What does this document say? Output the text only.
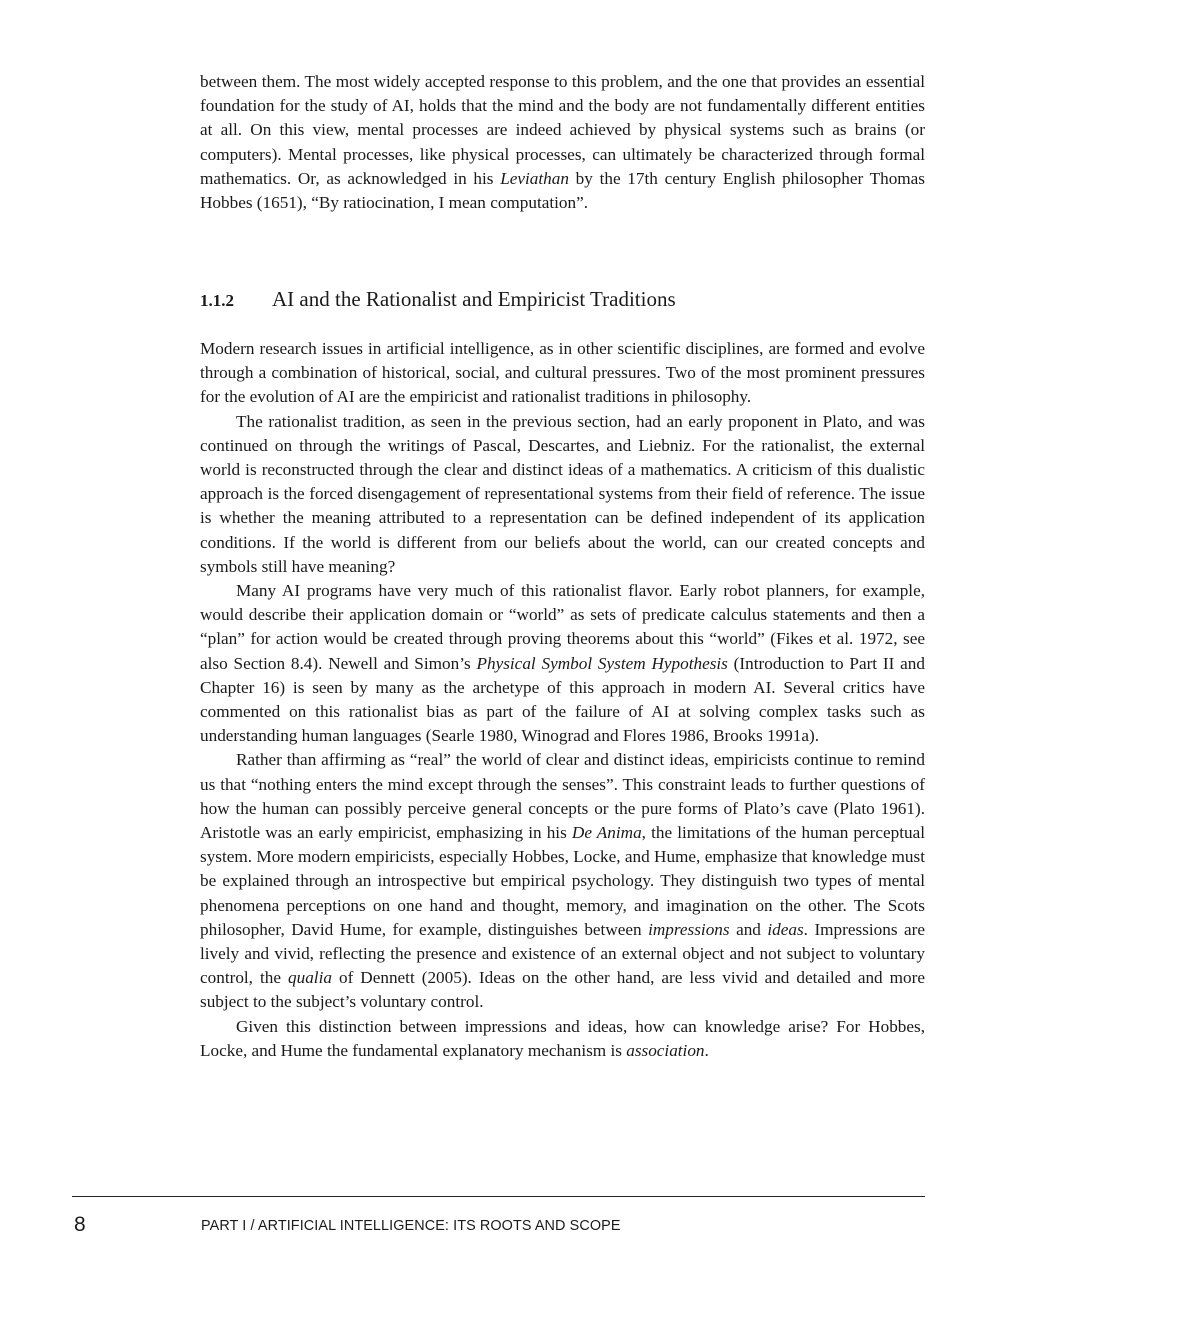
between them. The most widely accepted response to this problem, and the one that provides an essential foundation for the study of AI, holds that the mind and the body are not fundamentally different entities at all. On this view, mental processes are indeed achieved by physical systems such as brains (or computers). Mental processes, like physical processes, can ultimately be characterized through formal mathematics. Or, as acknowledged in his Leviathan by the 17th century English philosopher Thomas Hobbes (1651), “By ratiocination, I mean computation”.

1.1.2 AI and the Rationalist and Empiricist Traditions

Modern research issues in artificial intelligence, as in other scientific disciplines, are formed and evolve through a combination of historical, social, and cultural pressures. Two of the most prominent pressures for the evolution of AI are the empiricist and rationalist traditions in philosophy.

The rationalist tradition, as seen in the previous section, had an early proponent in Plato, and was continued on through the writings of Pascal, Descartes, and Liebniz. For the rationalist, the external world is reconstructed through the clear and distinct ideas of a mathematics. A criticism of this dualistic approach is the forced disengagement of representational systems from their field of reference. The issue is whether the meaning attributed to a representation can be defined independent of its application conditions. If the world is different from our beliefs about the world, can our created concepts and symbols still have meaning?

Many AI programs have very much of this rationalist flavor. Early robot planners, for example, would describe their application domain or “world” as sets of predicate calculus statements and then a “plan” for action would be created through proving theorems about this “world” (Fikes et al. 1972, see also Section 8.4). Newell and Simon’s Physical Symbol System Hypothesis (Introduction to Part II and Chapter 16) is seen by many as the archetype of this approach in modern AI. Several critics have commented on this rationalist bias as part of the failure of AI at solving complex tasks such as understanding human languages (Searle 1980, Winograd and Flores 1986, Brooks 1991a).

Rather than affirming as “real” the world of clear and distinct ideas, empiricists continue to remind us that “nothing enters the mind except through the senses”. This constraint leads to further questions of how the human can possibly perceive general concepts or the pure forms of Plato’s cave (Plato 1961). Aristotle was an early empiricist, emphasizing in his De Anima, the limitations of the human perceptual system. More modern empiricists, especially Hobbes, Locke, and Hume, emphasize that knowledge must be explained through an introspective but empirical psychology. They distinguish two types of mental phenomena perceptions on one hand and thought, memory, and imagination on the other. The Scots philosopher, David Hume, for example, distinguishes between impressions and ideas. Impressions are lively and vivid, reflecting the presence and existence of an external object and not subject to voluntary control, the qualia of Dennett (2005). Ideas on the other hand, are less vivid and detailed and more subject to the subject’s voluntary control.

Given this distinction between impressions and ideas, how can knowledge arise? For Hobbes, Locke, and Hume the fundamental explanatory mechanism is association.

8	PART I / ARTIFICIAL INTELLIGENCE: ITS ROOTS AND SCOPE
